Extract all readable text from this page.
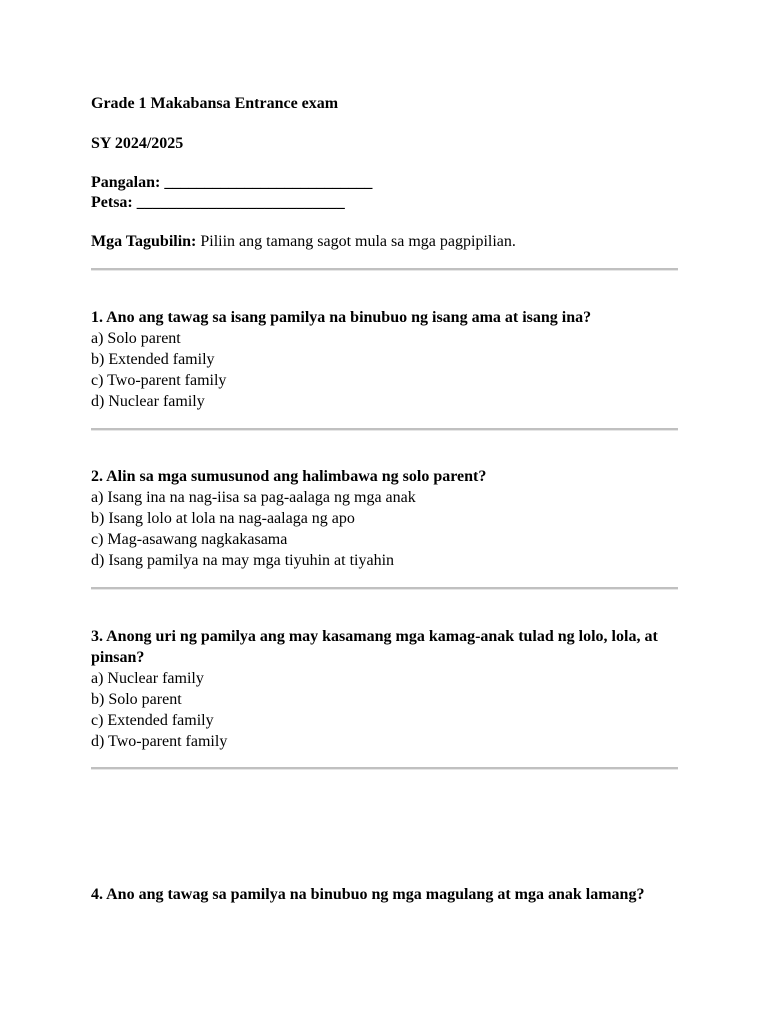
Grade 1 Makabansa Entrance exam
SY 2024/2025
Pangalan: __________________________
Petsa: __________________________
Mga Tagubilin: Piliin ang tamang sagot mula sa mga pagpipilian.
1. Ano ang tawag sa isang pamilya na binubuo ng isang ama at isang ina?
a) Solo parent
b) Extended family
c) Two-parent family
d) Nuclear family
2. Alin sa mga sumusunod ang halimbawa ng solo parent?
a) Isang ina na nag-iisa sa pag-aalaga ng mga anak
b) Isang lolo at lola na nag-aalaga ng apo
c) Mag-asawang nagkakasama
d) Isang pamilya na may mga tiyuhin at tiyahin
3. Anong uri ng pamilya ang may kasamang mga kamag-anak tulad ng lolo, lola, at pinsan?
a) Nuclear family
b) Solo parent
c) Extended family
d) Two-parent family
4. Ano ang tawag sa pamilya na binubuo ng mga magulang at mga anak lamang?
